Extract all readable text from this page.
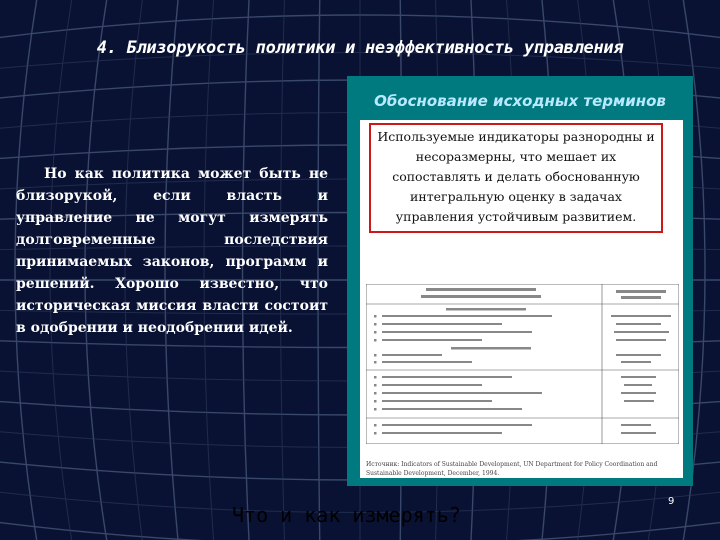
4. Близорукость политики и неэффективность управления
Но как политика может быть не близорукой, если власть и управление не могут измерять долговременные последствия принимаемых законов, программ и решений. Хорошо известно, что историческая миссия власти состоит в одобрении и неодобрении идей.
Обоснование исходных терминов
Источник: Indicators of Sustainable Development, UN Department for Policy Coordination and Sustainable Development, December, 1994.
Используемые индикаторы разнородны и несоразмерны, что мешает их сопоставлять и делать обоснованную интегральную оценку в задачах управления устойчивым развитием.
Что и как измерять?
9
